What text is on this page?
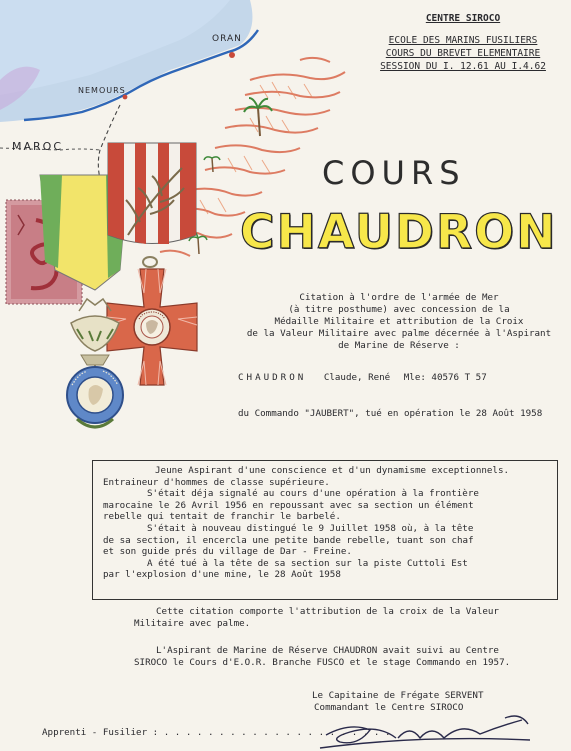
ORAN
NEMOURS
MAROC
CENTRE SIROCO
ECOLE DES MARINS FUSILIERS
COURS DU BREVET ELEMENTAIRE
SESSION DU I. 12.61 AU I.4.62
COURS
CHAUDRON
Citation à l'ordre de l'armée de Mer
(à titre posthume) avec concession de la
Médaille Militaire et attribution de la Croix
de la Valeur Militaire avec palme décernée à l'Aspirant
de Marine de Réserve :
CHAUDRON Claude, René Mle: 40576 T 57
du Commando "JAUBERT", tué en opération le 28 Août 1958

Jeune Aspirant d'une conscience et d'un dynamisme exceptionnels.

Entraineur d'hommes de classe supérieure.

S'était déja signalé au cours d'une opération à la frontière

marocaine le 26 Avril 1956 en repoussant avec sa section un élément

rebelle qui tentait de franchir le barbelé.

S'était à nouveau distingué le 9 Juillet 1958 où, à la tête

de sa section, il encercla une petite bande rebelle, tuant son chaf

et son guide prés du village de Dar - Freine.

A été tué à la tête de sa section sur la piste Cuttoli Est

par l'explosion d'une mine, le 28 Août 1958

Cette citation comporte l'attribution de la croix de la Valeur
Militaire avec palme.
L'Aspirant de Marine de Réserve CHAUDRON avait suivi au Centre
SIROCO le Cours d'E.O.R. Branche FUSCO et le stage Commando en 1957.
Le Capitaine de Frégate SERVENT
Commandant le Centre SIROCO
Apprenti - Fusilier : . . . . . . . . . . . . . . . . . . . . .
